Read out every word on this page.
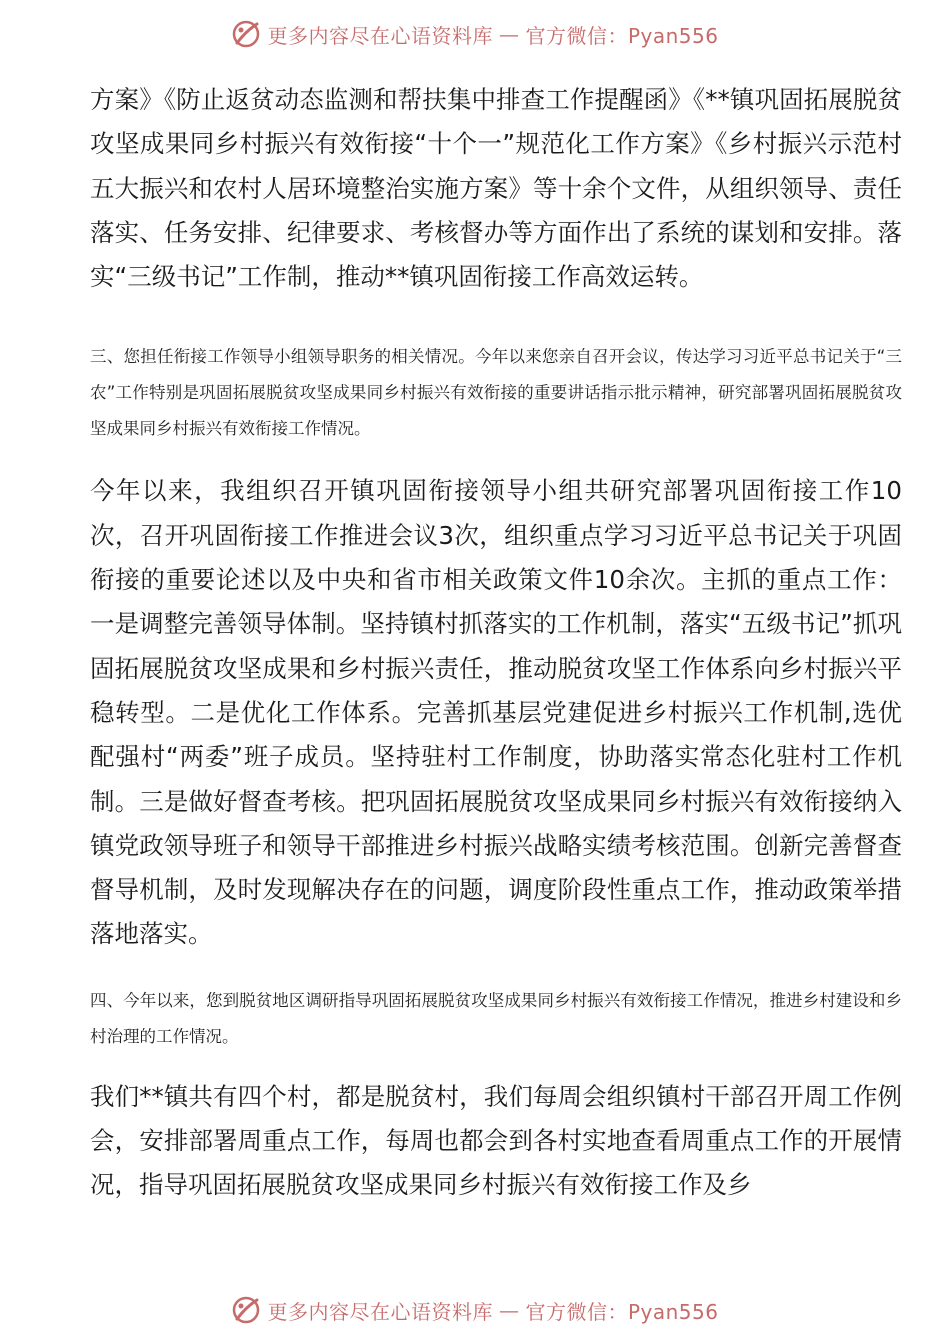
更多内容尽在心语资料库 — 官方微信：Pyan556

方案》《防止返贫动态监测和帮扶集中排查工作提醒函》《**镇巩固拓展脱贫攻坚成果同乡村振兴有效衔接“十个一”规范化工作方案》《乡村振兴示范村五大振兴和农村人居环境整治实施方案》等十余个文件，从组织领导、责任落实、任务安排、纪律要求、考核督办等方面作出了系统的谋划和安排。落实“三级书记”工作制，推动**镇巩固衔接工作高效运转。

三、您担任衔接工作领导小组领导职务的相关情况。今年以来您亲自召开会议，传达学习习近平总书记关于“三农”工作特别是巩固拓展脱贫攻坚成果同乡村振兴有效衔接的重要讲话指示批示精神，研究部署巩固拓展脱贫攻坚成果同乡村振兴有效衔接工作情况。

今年以来，我组织召开镇巩固衔接领导小组共研究部署巩固衔接工作10次，召开巩固衔接工作推进会议3次，组织重点学习习近平总书记关于巩固衔接的重要论述以及中央和省市相关政策文件10余次。主抓的重点工作：一是调整完善领导体制。坚持镇村抓落实的工作机制，落实“五级书记”抓巩固拓展脱贫攻坚成果和乡村振兴责任，推动脱贫攻坚工作体系向乡村振兴平稳转型。二是优化工作体系。完善抓基层党建促进乡村振兴工作机制,选优配强村“两委”班子成员。坚持驻村工作制度，协助落实常态化驻村工作机制。三是做好督查考核。把巩固拓展脱贫攻坚成果同乡村振兴有效衔接纳入镇党政领导班子和领导干部推进乡村振兴战略实绩考核范围。创新完善督查督导机制，及时发现解决存在的问题，调度阶段性重点工作，推动政策举措落地落实。

四、今年以来，您到脱贫地区调研指导巩固拓展脱贫攻坚成果同乡村振兴有效衔接工作情况，推进乡村建设和乡村治理的工作情况。

我们**镇共有四个村，都是脱贫村，我们每周会组织镇村干部召开周工作例会，安排部署周重点工作，每周也都会到各村实地查看周重点工作的开展情况，指导巩固拓展脱贫攻坚成果同乡村振兴有效衔接工作及乡

更多内容尽在心语资料库 — 官方微信：Pyan556
